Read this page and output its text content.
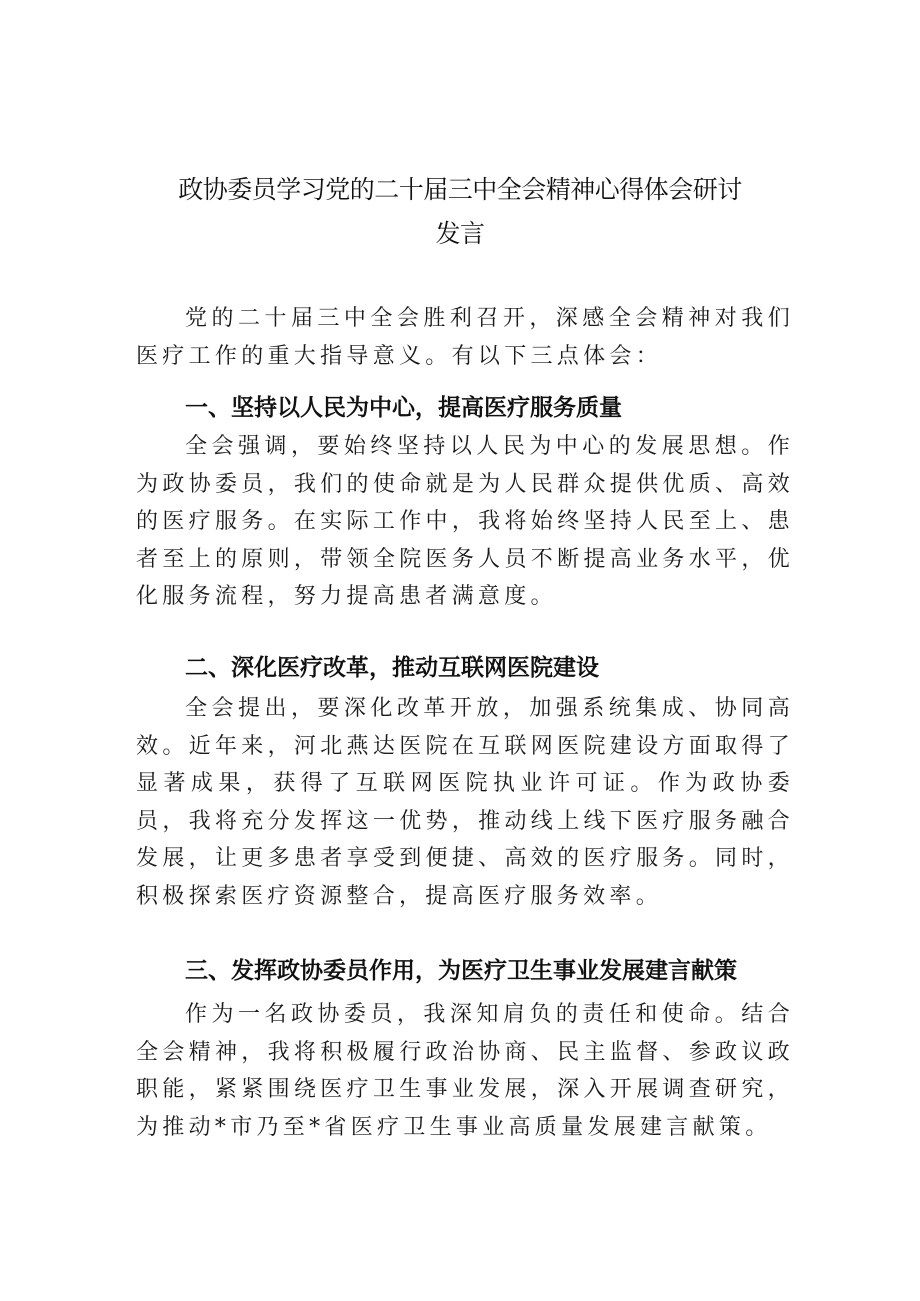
政协委员学习党的二十届三中全会精神心得体会研讨
发言

党的二十届三中全会胜利召开，深感全会精神对我们医疗工作的重大指导意义。有以下三点体会：

一、坚持以人民为中心，提高医疗服务质量

全会强调，要始终坚持以人民为中心的发展思想。作为政协委员，我们的使命就是为人民群众提供优质、高效的医疗服务。在实际工作中，我将始终坚持人民至上、患者至上的原则，带领全院医务人员不断提高业务水平，优化服务流程，努力提高患者满意度。

二、深化医疗改革，推动互联网医院建设

全会提出，要深化改革开放，加强系统集成、协同高效。近年来，河北燕达医院在互联网医院建设方面取得了显著成果，获得了互联网医院执业许可证。作为政协委员，我将充分发挥这一优势，推动线上线下医疗服务融合发展，让更多患者享受到便捷、高效的医疗服务。同时，积极探索医疗资源整合，提高医疗服务效率。

三、发挥政协委员作用，为医疗卫生事业发展建言献策

作为一名政协委员，我深知肩负的责任和使命。结合全会精神，我将积极履行政治协商、民主监督、参政议政职能，紧紧围绕医疗卫生事业发展，深入开展调查研究，为推动*市乃至*省医疗卫生事业高质量发展建言献策。
